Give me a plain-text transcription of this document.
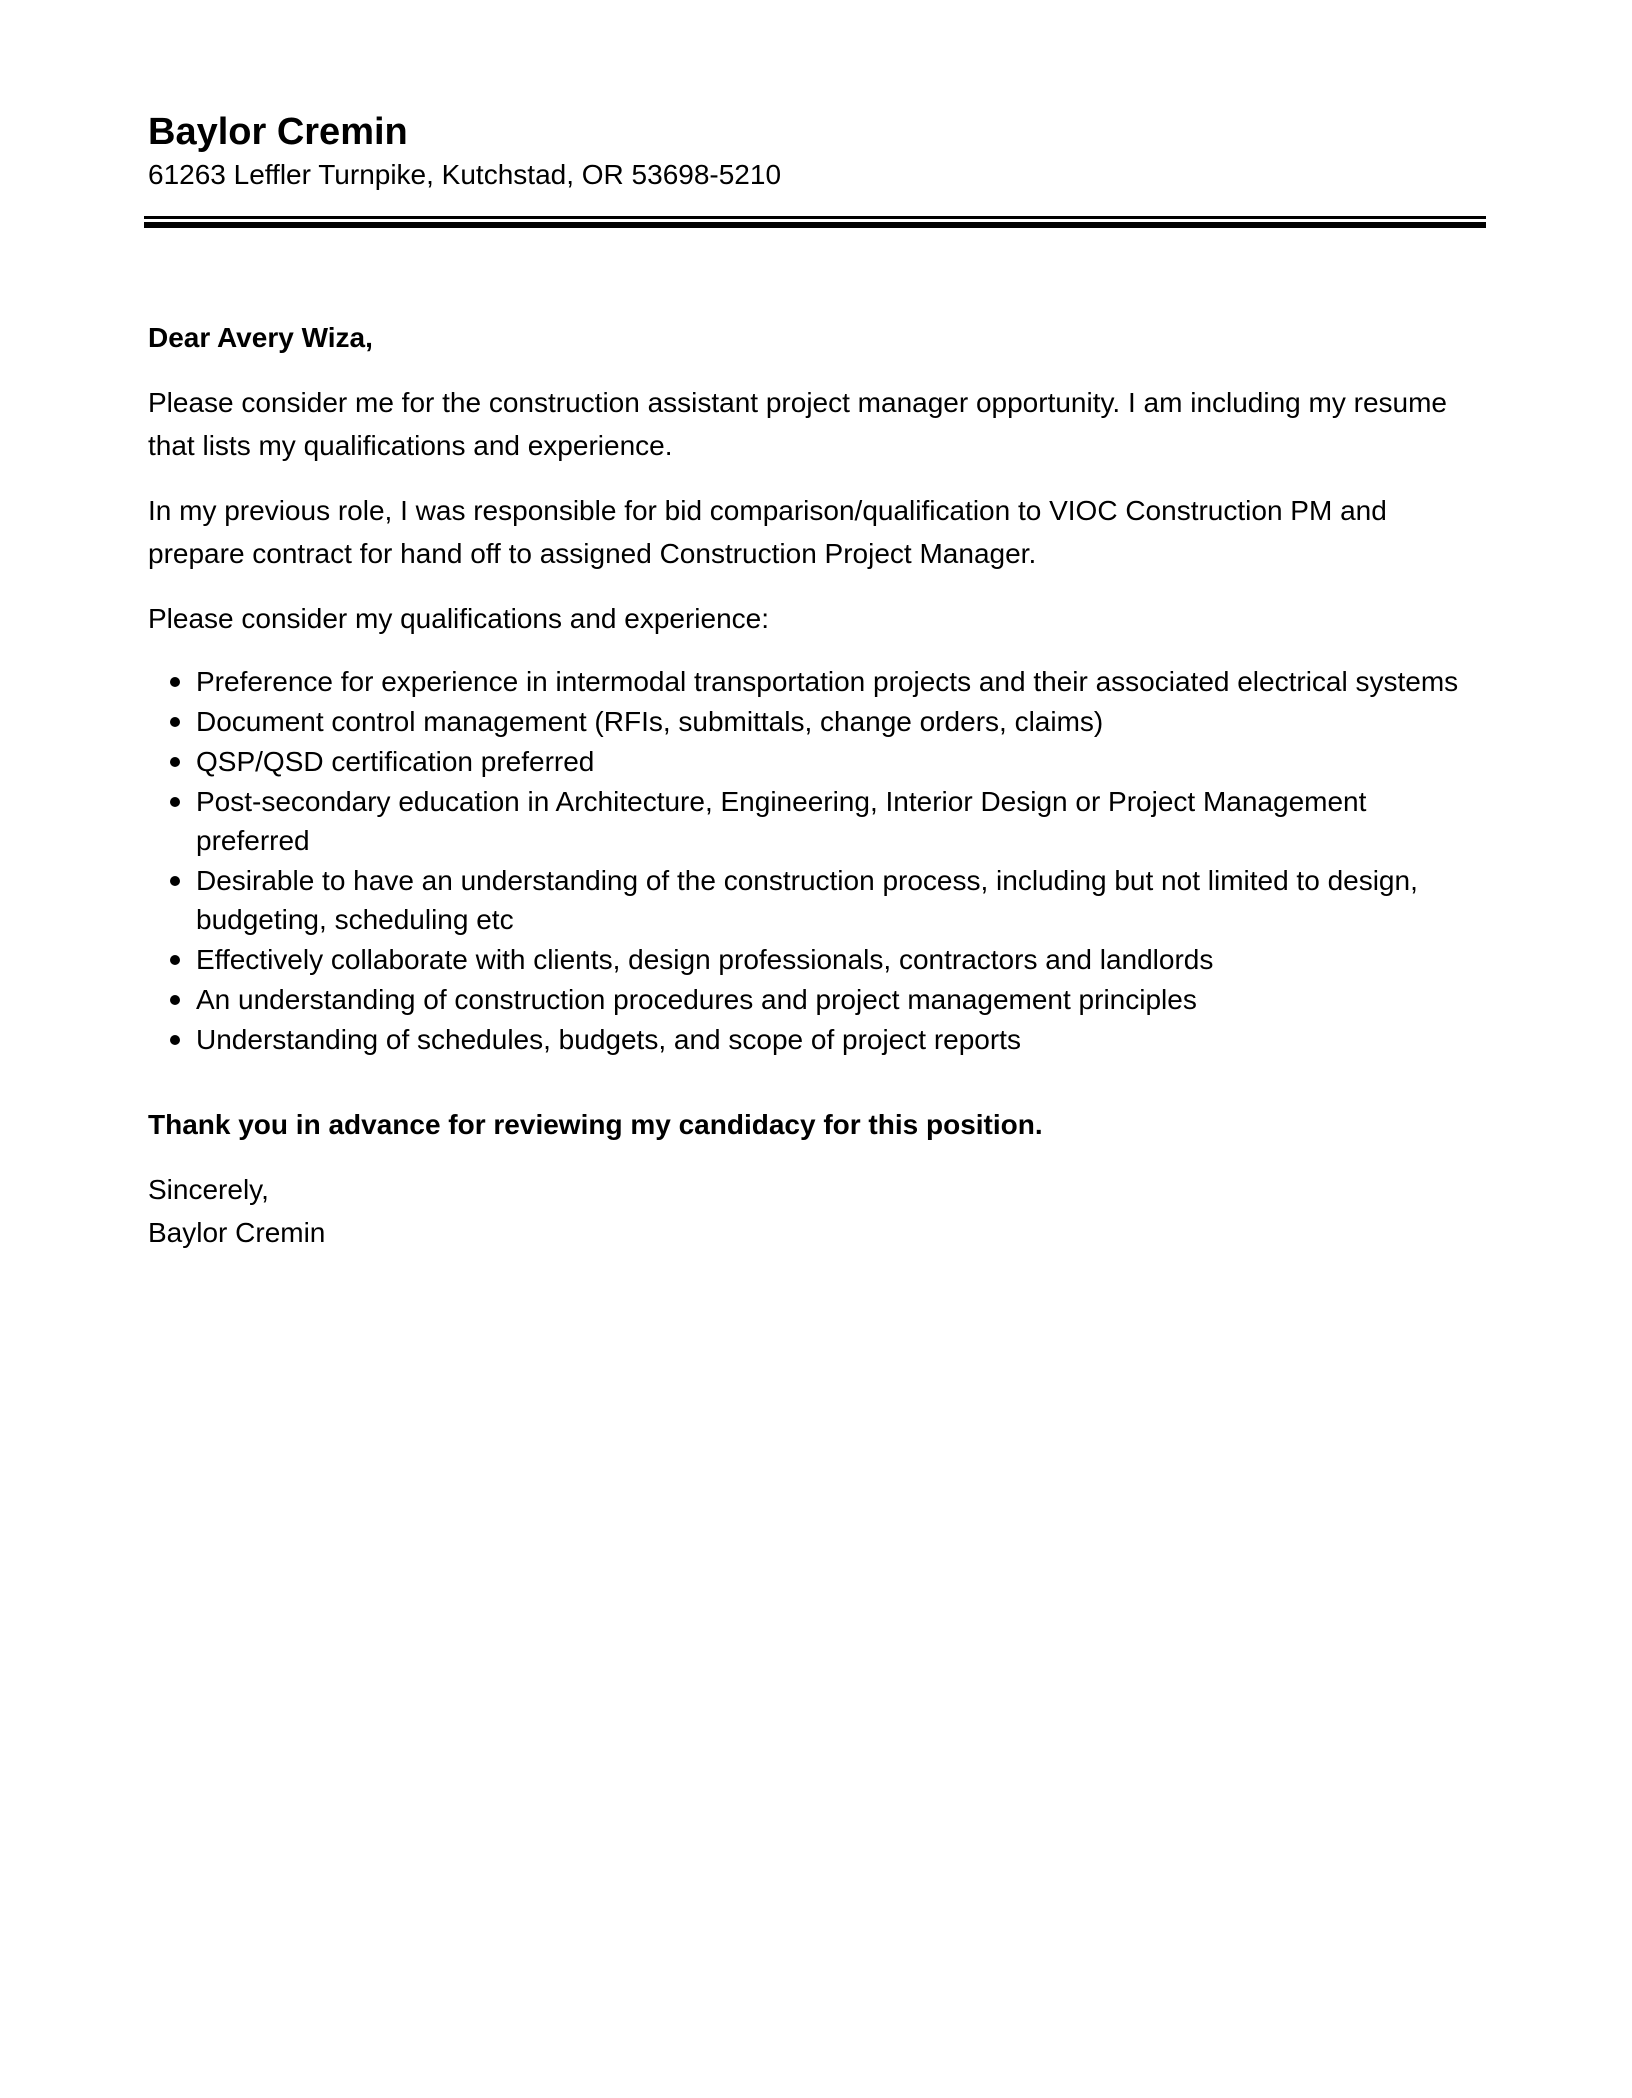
Baylor Cremin

61263 Leffler Turnpike, Kutchstad, OR 53698-5210

Dear Avery Wiza,

Please consider me for the construction assistant project manager opportunity. I am including my resume that lists my qualifications and experience.

In my previous role, I was responsible for bid comparison/qualification to VIOC Construction PM and prepare contract for hand off to assigned Construction Project Manager.

Please consider my qualifications and experience:

Preference for experience in intermodal transportation projects and their associated electrical systems
Document control management (RFIs, submittals, change orders, claims)
QSP/QSD certification preferred
Post-secondary education in Architecture, Engineering, Interior Design or Project Management preferred
Desirable to have an understanding of the construction process, including but not limited to design, budgeting, scheduling etc
Effectively collaborate with clients, design professionals, contractors and landlords
An understanding of construction procedures and project management principles
Understanding of schedules, budgets, and scope of project reports

Thank you in advance for reviewing my candidacy for this position.

Sincerely,

Baylor Cremin
